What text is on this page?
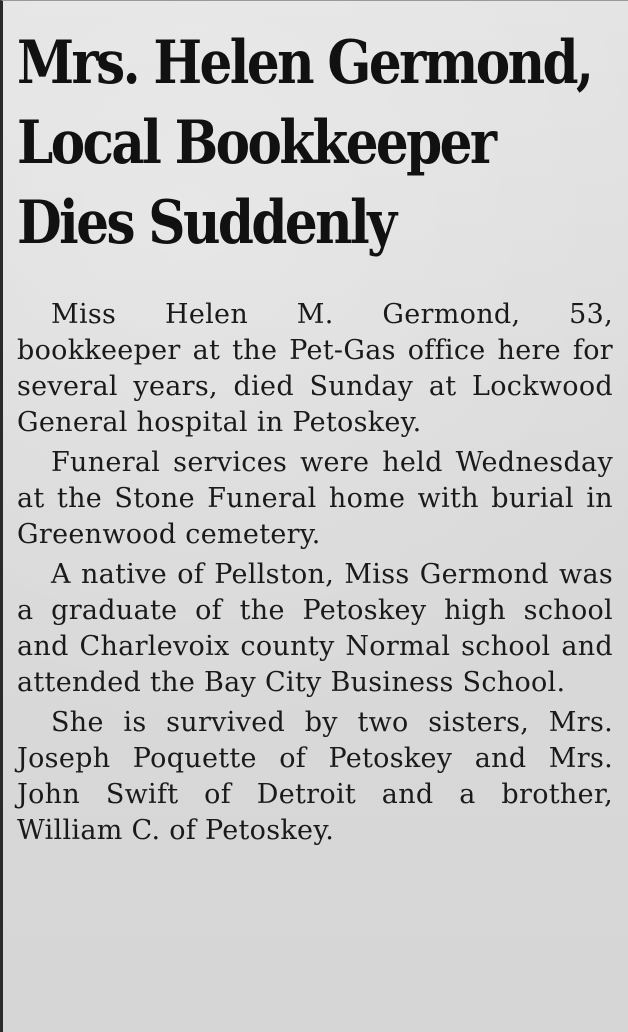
Mrs. Helen Germond,
Local Bookkeeper
Dies Suddenly

Miss Helen M. Germond, 53, bookkeeper at the Pet-Gas office here for several years, died Sunday at Lockwood General hospital in Petoskey.

Funeral services were held Wednesday at the Stone Funeral home with burial in Greenwood cemetery.

A native of Pellston, Miss Germond was a graduate of the Petoskey high school and Charlevoix county Normal school and attended the Bay City Business School.

She is survived by two sisters, Mrs. Joseph Poquette of Petoskey and Mrs. John Swift of Detroit and a brother, William C. of Petoskey.
